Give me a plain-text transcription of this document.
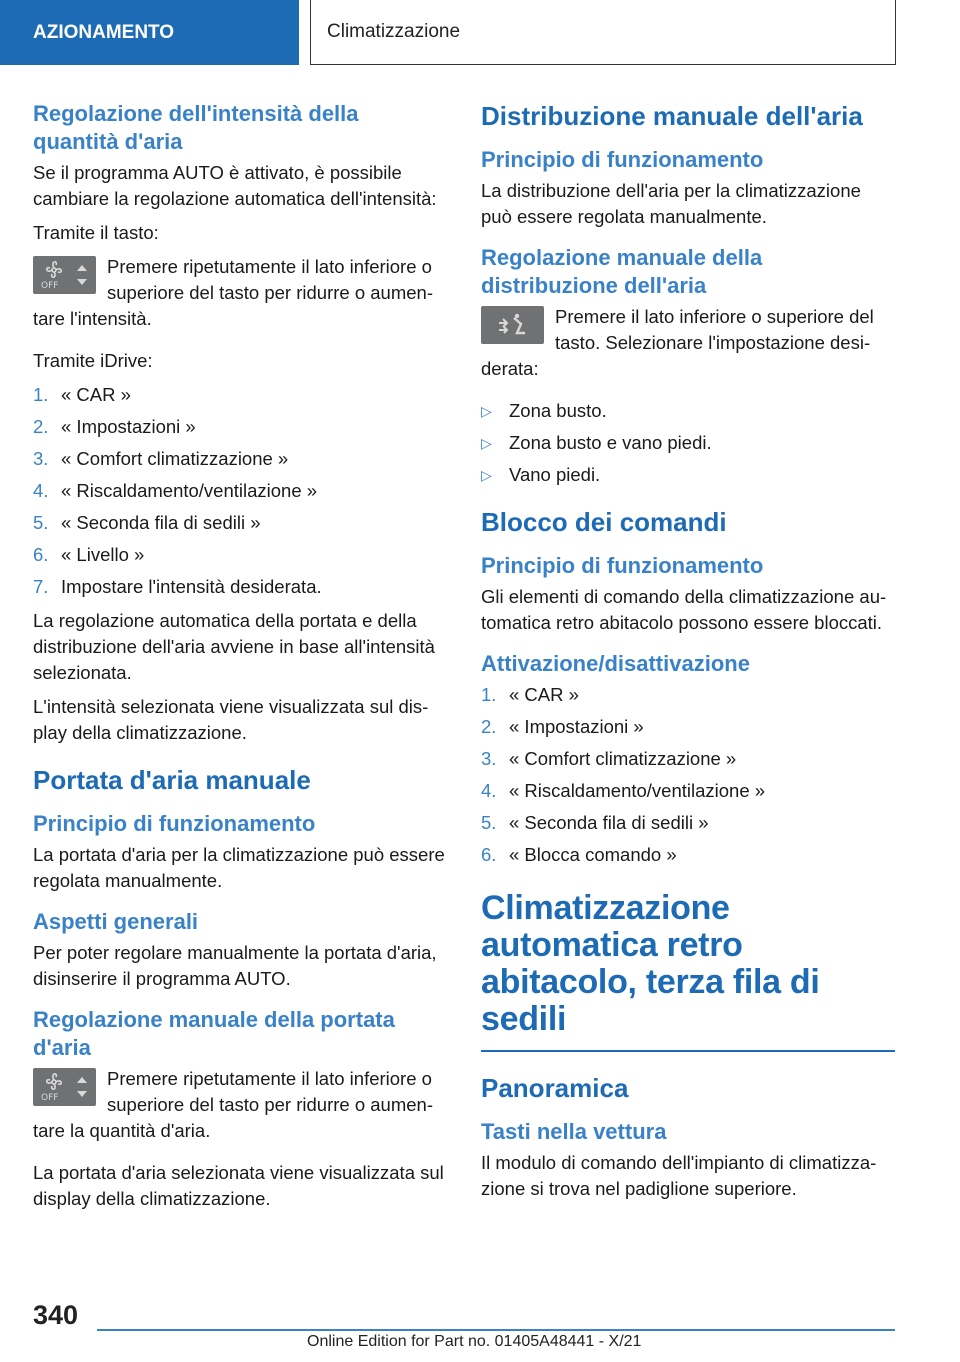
AZIONAMENTO	Climatizzazione
Regolazione dell'intensità della quantità d'aria

Se il programma AUTO è attivato, è possibile cambiare la regolazione automatica dell'intensità:

Tramite il tasto:

OFF
Premere ripetutamente il lato inferiore o superiore del tasto per ridurre o aumentare l'intensità.

Tramite iDrive:

1. « CAR »
2. « Impostazioni »
3. « Comfort climatizzazione »
4. « Riscaldamento/ventilazione »
5. « Seconda fila di sedili »
6. « Livello »
7. Impostare l'intensità desiderata.

La regolazione automatica della portata e della distribuzione dell'aria avviene in base all'intensità selezionata.

L'intensità selezionata viene visualizzata sul display della climatizzazione.

Portata d'aria manuale
Principio di funzionamento

La portata d'aria per la climatizzazione può essere regolata manualmente.

Aspetti generali

Per poter regolare manualmente la portata d'aria, disinserire il programma AUTO.

Regolazione manuale della portata d'aria
OFF
Premere ripetutamente il lato inferiore o superiore del tasto per ridurre o aumentare la quantità d'aria.

La portata d'aria selezionata viene visualizzata sul display della climatizzazione.

Distribuzione manuale dell'aria
Principio di funzionamento

La distribuzione dell'aria per la climatizzazione può essere regolata manualmente.

Regolazione manuale della distribuzione dell'aria
Premere il lato inferiore o superiore del tasto. Selezionare l'impostazione desiderata:
▷ Zona busto.
▷ Zona busto e vano piedi.
▷ Vano piedi.
Blocco dei comandi
Principio di funzionamento

Gli elementi di comando della climatizzazione automatica retro abitacolo possono essere bloccati.

Attivazione/disattivazione
1. « CAR »
2. « Impostazioni »
3. « Comfort climatizzazione »
4. « Riscaldamento/ventilazione »
5. « Seconda fila di sedili »
6. « Blocca comando »
Climatizzazione automatica retro abitacolo, terza fila di sedili
Panoramica
Tasti nella vettura

Il modulo di comando dell'impianto di climatizzazione si trova nel padiglione superiore.

340
Online Edition for Part no. 01405A48441 - X/21
